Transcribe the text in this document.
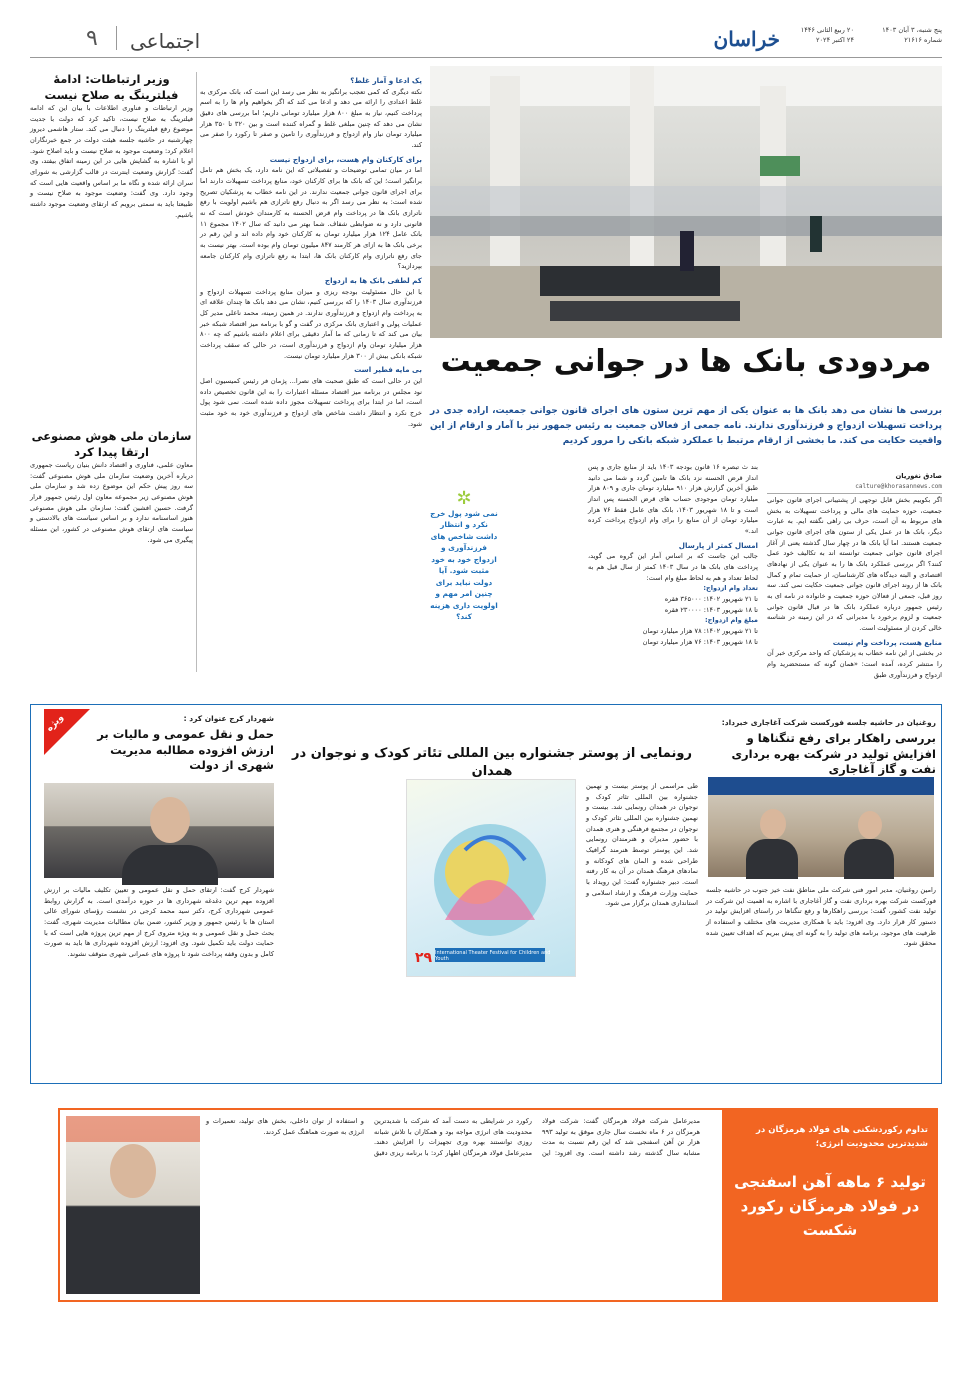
۹ اجتماعی	خراسان	پنج شنبه، ۳ آبان ۱۴۰۳
شماره ۲۱۶۱۶
۲۰ ربیع الثانی ۱۴۴۶
۲۴ اکتبر ۲۰۲۴
مردودی بانک ها در جوانی جمعیت
بررسی ها نشان می دهد بانک ها به عنوان یکی از مهم ترین ستون های اجرای قانون جوانی جمعیت، اراده جدی در پرداخت تسهیلات ازدواج و فرزندآوری ندارند. نامه جمعی از فعالان جمعیت به رئیس جمهور نیز با آمار و ارقام از این واقعیت حکایت می کند. ما بخشی از ارقام مرتبط با عملکرد شبکه بانکی را مرور کردیم
صادق نغوریان
calture@khorasannews.com
اگر بکوییم بخش قابل توجهی از پشتیبانی اجرای قانون جوانی جمعیت، حوزه حمایت های مالی و پرداخت تسهیلات به بخش های مربوط به آن است، حرف بی راهی نگفته ایم. به عبارت دیگر، بانک ها در عمل یکی از ستون های اجرای قانون جوانی جمعیت هستند. اما آیا بانک ها در چهار سال گذشته یعنی از آغاز اجرای قانون جوانی جمعیت توانسته اند به تکالیف خود عمل کنند؟ اگر بررسی عملکرد بانک ها را به عنوان یکی از نهادهای اقتصادی و البته دیدگاه های کارشناسان، از حمایت تمام و کمال بانک ها از روند اجرای قانون جوانی جمعیت حکایت نمی کند. سه روز قبل، جمعی از فعالان حوزه جمعیت و خانواده در نامه ای به رئیس جمهور درباره عملکرد بانک ها در قبال قانون جوانی جمعیت و لزوم برخورد با مدیرانی که در این زمینه در شناسه خالی کردن از مسئولیت است.
منابع هست، پرداخت وام نیست
در بخشی از این نامه خطاب به پزشکیان که واحد مرکزی خبر آن را منتشر کرده، آمده است: «همان گونه که مستحضرید وام ازدواج و فرزندآوری طبق
بند ث تبصره ۱۶ قانون بودجه ۱۴۰۳ باید از منابع جاری و پس انداز قرض الحسنه نزد بانک ها تامین گردد و شما می دانید طبق آخرین گزارش هزار ۹۱۰ میلیارد تومان جاری و ۸۰۹ هزار میلیارد تومان موجودی حساب های قرض الحسنه پس انداز است و تا ۱۸ شهریور ۱۴۰۳، بانک های عامل فقط ۷۶ هزار میلیارد تومان از آن منابع را برای وام ازدواج پرداخت کرده اند.»
امسال کمتر از پارسال
جالب این جاست که بر اساس آمار این گروه می گوید، پرداخت های بانک ها در سال ۱۴۰۳ کمتر از سال قبل هم به لحاظ تعداد و هم به لحاظ مبلغ وام است:
تعداد وام ازدواج:
تا ۲۱ شهریور ۱۴۰۲: ۳۶۵۰۰۰ فقره
تا ۱۸ شهریور ۱۴۰۳: ۲۳۰۰۰۰ فقره
مبلغ وام ازدواج:
تا ۲۱ شهریور ۱۴۰۲: ۷۸ هزار میلیارد تومان
تا ۱۸ شهریور ۱۴۰۳: ۷۶ هزار میلیارد تومان
✲
نمی شود پول خرج نکرد و انتظار داشت شاخص های فرزندآوری و ازدواج خود به خود مثبت شود. آیا دولت نباید برای چنین امر مهم و اولویت داری هزینه کند؟
یک ادعا و آمار غلط؟
نکته دیگری که کمی تعجب برانگیز به نظر می رسد این است که، بانک مرکزی به غلط اعدادی را ارائه می دهد و ادعا می کند که اگر بخواهیم وام ها را به اسم پرداخت کنیم، نیاز به مبلغ ۸۰۰ هزار میلیارد تومانی داریم؛ اما بررسی های دقیق نشان می دهد که چنین مبلغی غلط و گمراه کننده است و بین ۳۲۰ تا ۳۵۰ هزار میلیارد تومان نیاز وام ازدواج و فرزندآوری را تامین و صفر تا رکورد را صفر می کند.
برای کارکنان وام هست، برای ازدواج نیست
اما در میان تمامی توضیحات و تفصیلاتی که این نامه دارد، یک بخش هم تامل برانگیز است؛ این که بانک ها برای کارکنان خود، منابع پرداخت تسهیلات دارند اما برای اجرای قانون جوانی جمعیت ندارند. در این نامه خطاب به پزشکیان تصریح شده است: به نظر می رسد اگر به دنبال رفع ناترازی هم باشیم اولویت با رفع ناترازی بانک ها در پرداخت وام قرض الحسنه به کارمندان خودش است که نه قانونی دارد و نه ضوابطی شفاف. شما بهتر می دانید که سال ۱۴۰۲ مجموع ۱۱ بانک عامل ۱۲۴ هزار میلیارد تومان به کارکنان خود وام داده اند و این رقم در برخی بانک ها به ازای هر کارمند ۸۴۷ میلیون تومان وام بوده است. بهتر نیست به جای رفع ناترازی وام کارکنان بانک ها، ابتدا به رفع ناترازی وام کارکنان جامعه بپردازید؟
کم لطفی بانک ها به ازدواج
با این حال مسئولیت بودجه ریزی و میزان منابع پرداخت تسهیلات ازدواج و فرزندآوری سال ۱۴۰۳ را که بررسی کنیم، نشان می دهد بانک ها چندان علاقه ای به پرداخت وام ازدواج و فرزندآوری ندارند. در همین زمینه، محمد ناعلی مدیر کل عملیات پولی و اعتباری بانک مرکزی در گفت و گو با برنامه میز اقتصاد شبکه خبر بیان می کند که تا زمانی که ما آمار دقیقی برای اعلام داشته باشیم که چه ۸۰۰ هزار میلیارد تومان وام ازدواج و فرزندآوری است، در حالی که سقف پرداخت شبکه بانکی بیش از ۳۰۰ هزار میلیارد تومان نیست.
بی مایه فطیر است
این در حالی است که طبق صحبت های نصرا... پژمان فر رئیس کمیسیون اصل نود مجلس در برنامه میز اقتصاد مسئله اعتبارات را به این قانون تخصیص داده است، اما در ابتدا برای پرداخت تسهیلات مجوز داده شده است. نمی شود پول خرج نکرد و انتظار داشت شاخص های ازدواج و فرزندآوری خود به خود مثبت شود.
وزیر ارتباطات: ادامهٔ فیلترینگ به صلاح نیست
وزیر ارتباطات و فناوری اطلاعات با بیان این که ادامه فیلترینگ به صلاح نیست، تاکید کرد که دولت با جدیت موضوع رفع فیلترینگ را دنبال می کند. ستار هاشمی دیروز چهارشنبه در حاشیه جلسه هیئت دولت در جمع خبرنگاران اعلام کرد: وضعیت موجود به صلاح نیست و باید اصلاح شود. او با اشاره به گشایش هایی در این زمینه اتفاق بیفتد، وی گفت: گزارش وضعیت اینترنت در قالب گزارشی به شورای سران ارائه شده و نگاه ما بر اساس واقعیت هایی است که وجود دارد. وی گفت: وضعیت موجود به صلاح نیست و طبیعتا باید به سمتی برویم که ارتقای وضعیت موجود داشته باشیم.
سازمان ملی هوش مصنوعی ارتقا پیدا کرد
معاون علمی، فناوری و اقتصاد دانش بنیان ریاست جمهوری درباره آخرین وضعیت سازمان ملی هوش مصنوعی گفت: سه روز پیش حکم این موضوع زده شد و سازمان ملی هوش مصنوعی زیر مجموعه معاون اول رئیس جمهور قرار گرفت. حسین افشین گفت: سازمان ملی هوش مصنوعی هنوز اساسنامه ندارد و بر اساس سیاست های بالادستی و سیاست های ارتقای هوش مصنوعی در کشور، این مسئله پیگیری می شود.
ویژه	شهردار کرج عنوان کرد :
حمل و نقل عمومی و مالیات بر ارزش افزوده مطالبه مدیریت شهری از دولت
شهردار کرج گفت: ارتقای حمل و نقل عمومی و تعیین تکلیف مالیات بر ارزش افزوده مهم ترین دغدغه شهرداری ها در حوزه درآمدی است. به گزارش روابط عمومی شهرداری کرج، دکتر سید محمد کرجی در نشست رؤسای شورای عالی استان ها با رئیس جمهور و وزیر کشور، ضمن بیان مطالبات مدیریت شهری، گفت: بحث حمل و نقل عمومی و به ویژه متروی کرج از مهم ترین پروژه هایی است که با حمایت دولت باید تکمیل شود. وی افزود: ارزش افزوده شهرداری ها باید به صورت کامل و بدون وقفه پرداخت شود تا پروژه های عمرانی شهری متوقف نشوند.
رونمایی از پوستر جشنواره بین المللی تئاتر کودک و نوجوان در همدان
طی مراسمی از پوستر بیست و نهمین جشنواره بین المللی تئاتر کودک و نوجوان در همدان رونمایی شد. بیست و نهمین جشنواره بین المللی تئاتر کودک و نوجوان در مجتمع فرهنگی و هنری همدان با حضور مدیران و هنرمندان رونمایی شد. این پوستر توسط هنرمند گرافیک طراحی شده و المان های کودکانه و نمادهای فرهنگ همدان در آن به کار رفته است. دبیر جشنواره گفت: این رویداد با حمایت وزارت فرهنگ و ارشاد اسلامی و استانداری همدان برگزار می شود.
۲۹ International Theater Festival for Children and Youth
روغنیان در حاشیه جلسه فورکست شرکت آغاجاری خبرداد:
بررسی راهکار برای رفع تنگناها و افزایش تولید در شرکت بهره برداری نفت و گاز آغاجاری
رامین روغنیان، مدیر امور فنی شرکت ملی مناطق نفت خیز جنوب در حاشیه جلسه فورکست شرکت بهره برداری نفت و گاز آغاجاری با اشاره به اهمیت این شرکت در تولید نفت کشور، گفت: بررسی راهکارها و رفع تنگناها در راستای افزایش تولید در دستور کار قرار دارد. وی افزود: باید با همکاری مدیریت های مختلف و استفاده از ظرفیت های موجود، برنامه های تولید را به گونه ای پیش ببریم که اهداف تعیین شده محقق شود.
تداوم رکوردشکنی های فولاد هرمزگان در شدیدترین محدودیت انرژی؛
تولید ۶ ماهه آهن اسفنجی در فولاد هرمزگان رکورد شکست
مدیرعامل شرکت فولاد هرمزگان گفت: شرکت فولاد هرمزگان در ۶ ماه نخست سال جاری موفق به تولید ۹۹۳ هزار تن آهن اسفنجی شد که این رقم نسبت به مدت مشابه سال گذشته رشد داشته است. وی افزود: این رکورد در شرایطی به دست آمد که شرکت با شدیدترین محدودیت های انرژی مواجه بود و همکاران با تلاش شبانه روزی توانستند بهره وری تجهیزات را افزایش دهند. مدیرعامل فولاد هرمزگان اظهار کرد: با برنامه ریزی دقیق و استفاده از توان داخلی، بخش های تولید، تعمیرات و انرژی به صورت هماهنگ عمل کردند.
